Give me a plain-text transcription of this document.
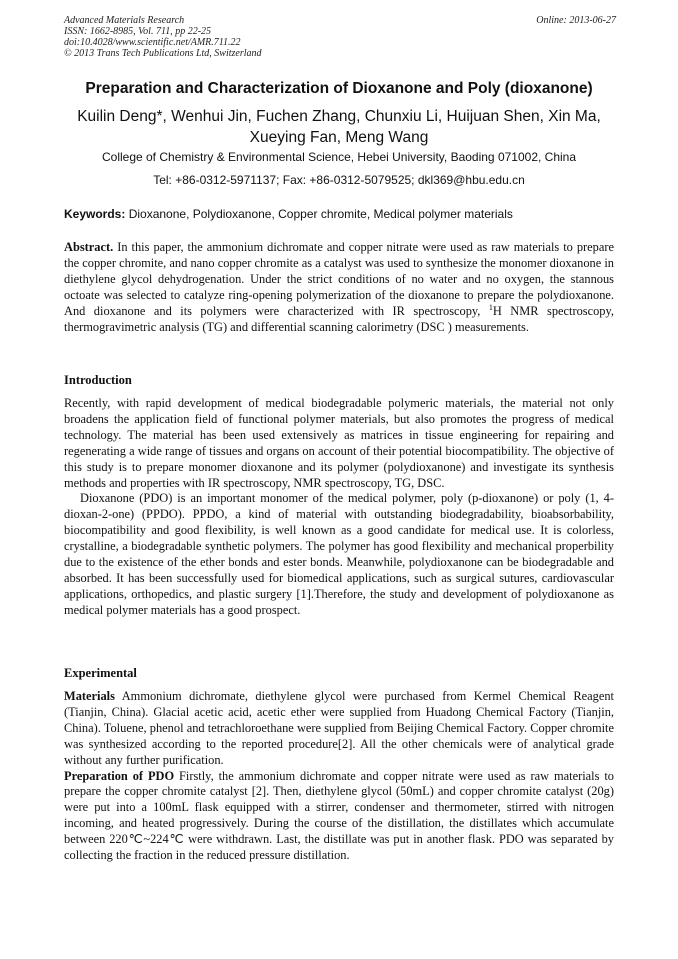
Advanced Materials Research
ISSN: 1662-8985, Vol. 711, pp 22-25
doi:10.4028/www.scientific.net/AMR.711.22
© 2013 Trans Tech Publications Ltd, Switzerland
Online: 2013-06-27
Preparation and Characterization of Dioxanone and Poly (dioxanone)
Kuilin Deng*, Wenhui Jin, Fuchen Zhang, Chunxiu Li, Huijuan Shen, Xin Ma, Xueying Fan, Meng Wang
College of Chemistry & Environmental Science, Hebei University, Baoding 071002, China
Tel: +86-0312-5971137; Fax: +86-0312-5079525; dkl369@hbu.edu.cn
Keywords: Dioxanone, Polydioxanone, Copper chromite, Medical polymer materials

Abstract. In this paper, the ammonium dichromate and copper nitrate were used as raw materials to prepare the copper chromite, and nano copper chromite as a catalyst was used to synthesize the monomer dioxanone in diethylene glycol dehydrogenation. Under the strict conditions of no water and no oxygen, the stannous octoate was selected to catalyze ring-opening polymerization of the dioxanone to prepare the polydioxanone. And dioxanone and its polymers were characterized with IR spectroscopy, $^1$H NMR spectroscopy, thermogravimetric analysis (TG) and differential scanning calorimetry (DSC ) measurements.

Introduction

Recently, with rapid development of medical biodegradable polymeric materials, the material not only broadens the application field of functional polymer materials, but also promotes the progress of medical technology. The material has been used extensively as matrices in tissue engineering for repairing and regenerating a wide range of tissues and organs on account of their potential biocompatibility. The objective of this study is to prepare monomer dioxanone and its polymer (polydioxanone) and investigate its synthesis methods and properties with IR spectroscopy, NMR spectroscopy, TG, DSC.

Dioxanone (PDO) is an important monomer of the medical polymer, poly (p-dioxanone) or poly (1, 4-dioxan-2-one) (PPDO). PPDO, a kind of material with outstanding biodegradability, bioabsorbability, biocompatibility and good flexibility, is well known as a good candidate for medical use. It is colorless, crystalline, a biodegradable synthetic polymers. The polymer has good flexibility and mechanical properbility due to the existence of the ether bonds and ester bonds. Meanwhile, polydioxanone can be biodegradable and absorbed. It has been successfully used for biomedical applications, such as surgical sutures, cardiovascular applications, orthopedics, and plastic surgery [1].Therefore, the study and development of polydioxanone as medical polymer materials has a good prospect.

Experimental

Materials Ammonium dichromate, diethylene glycol were purchased from Kermel Chemical Reagent (Tianjin, China). Glacial acetic acid, acetic ether were supplied from Huadong Chemical Factory (Tianjin, China). Toluene, phenol and tetrachloroethane were supplied from Beijing Chemical Factory. Copper chromite was synthesized according to the reported procedure[2]. All the other chemicals were of analytical grade without any further purification.

Preparation of PDO Firstly, the ammonium dichromate and copper nitrate were used as raw materials to prepare the copper chromite catalyst [2]. Then, diethylene glycol (50mL) and copper chromite catalyst (20g) were put into a 100mL flask equipped with a stirrer, condenser and thermometer, stirred with nitrogen incoming, and heated progressively. During the course of the distillation, the distillates which accumulate between 220℃~224℃ were withdrawn. Last, the distillate was put in another flask. PDO was separated by collecting the fraction in the reduced pressure distillation.
